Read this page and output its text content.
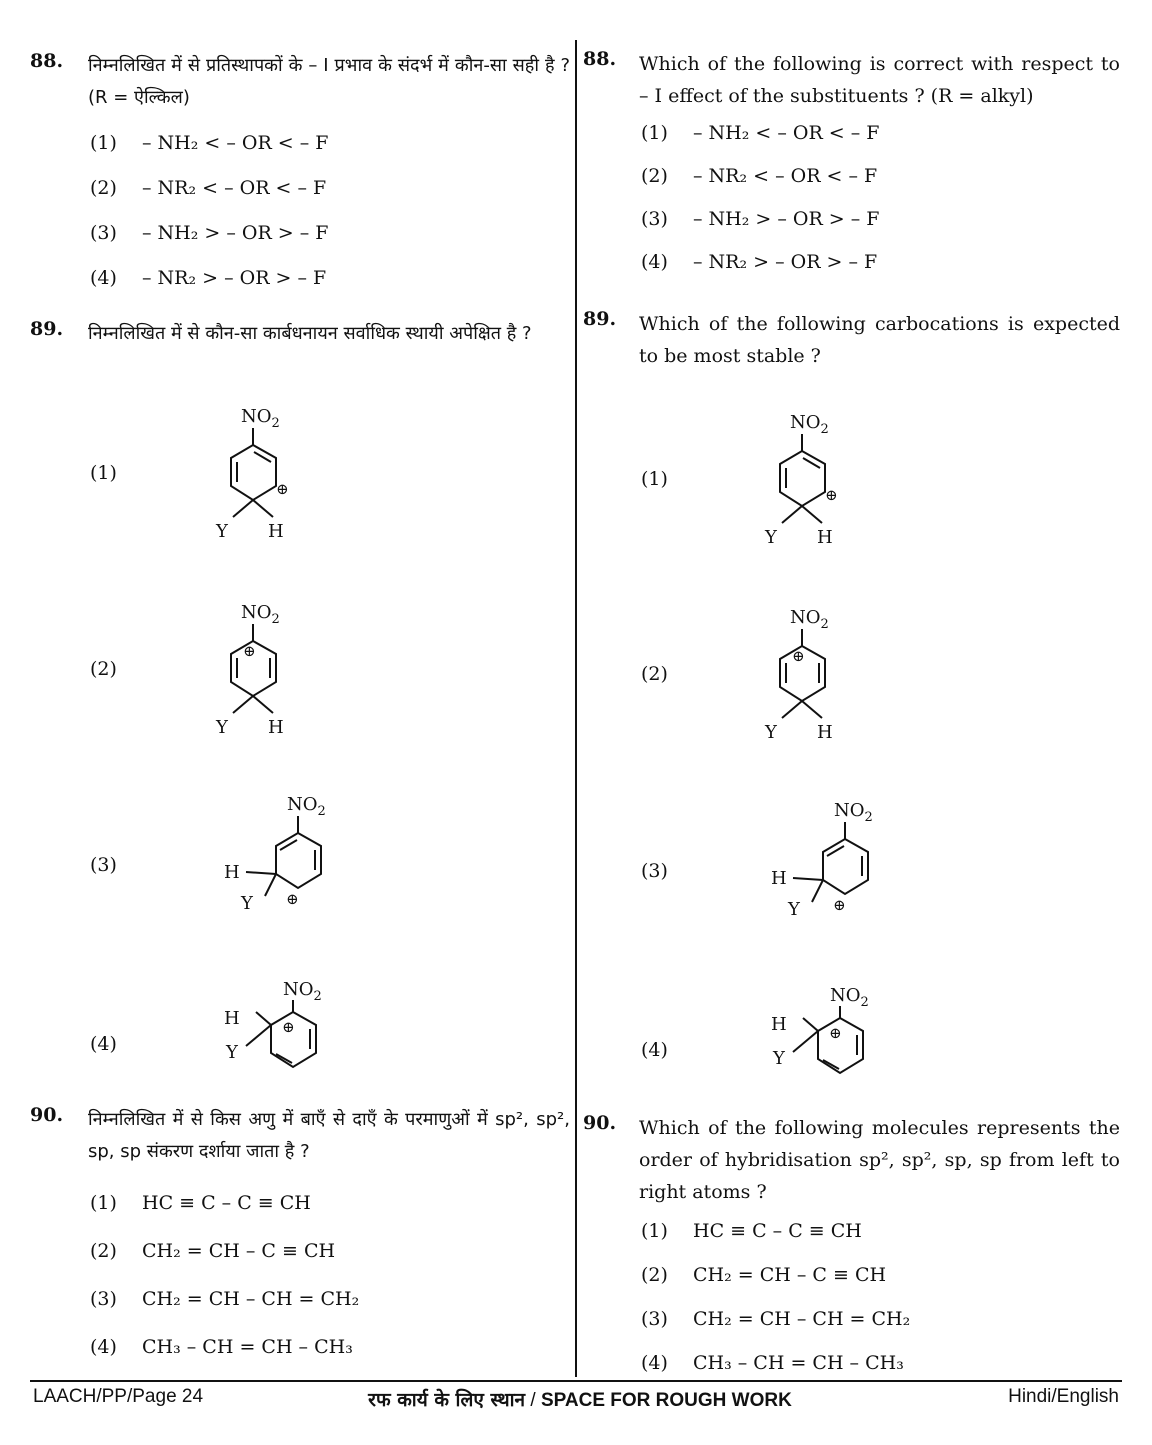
88. निम्नलिखित में से प्रतिस्थापकों के – I प्रभाव के संदर्भ में कौन-सा सही है ? (R = ऐल्किल)
(1) – NH₂ < – OR < – F
(2) – NR₂ < – OR < – F
(3) – NH₂ > – OR > – F
(4) – NR₂ > – OR > – F
89. निम्नलिखित में से कौन-सा कार्बधनायन सर्वाधिक स्थायी अपेक्षित है ?
(1)
$NO_2$
Y H
⊕
(2)
$NO_2$
Y H
⊕
(3)
$NO_2$
H
Y ⊕
(4)
$NO_2$
H
Y
⊕
90. निम्नलिखित में से किस अणु में बाएँ से दाएँ के परमाणुओं में sp², sp², sp, sp संकरण दर्शाया जाता है ?
(1) HC ≡ C – C ≡ CH
(2) CH₂ = CH – C ≡ CH
(3) CH₂ = CH – CH = CH₂
(4) CH₃ – CH = CH – CH₃
88. Which of the following is correct with respect to – I effect of the substituents ? (R = alkyl)
(1) – NH₂ < – OR < – F
(2) – NR₂ < – OR < – F
(3) – NH₂ > – OR > – F
(4) – NR₂ > – OR > – F
89. Which of the following carbocations is expected to be most stable ?
(1)
$NO_2$
Y H
⊕
(2)
$NO_2$
Y H
⊕
(3)
$NO_2$
H
Y ⊕
(4)
$NO_2$
H
Y
⊕
90. Which of the following molecules represents the order of hybridisation sp², sp², sp, sp from left to right atoms ?
(1) HC ≡ C – C ≡ CH
(2) CH₂ = CH – C ≡ CH
(3) CH₂ = CH – CH = CH₂
(4) CH₃ – CH = CH – CH₃
LAACH/PP/Page 24	रफ कार्य के लिए स्थान / SPACE FOR ROUGH WORK	Hindi/English
